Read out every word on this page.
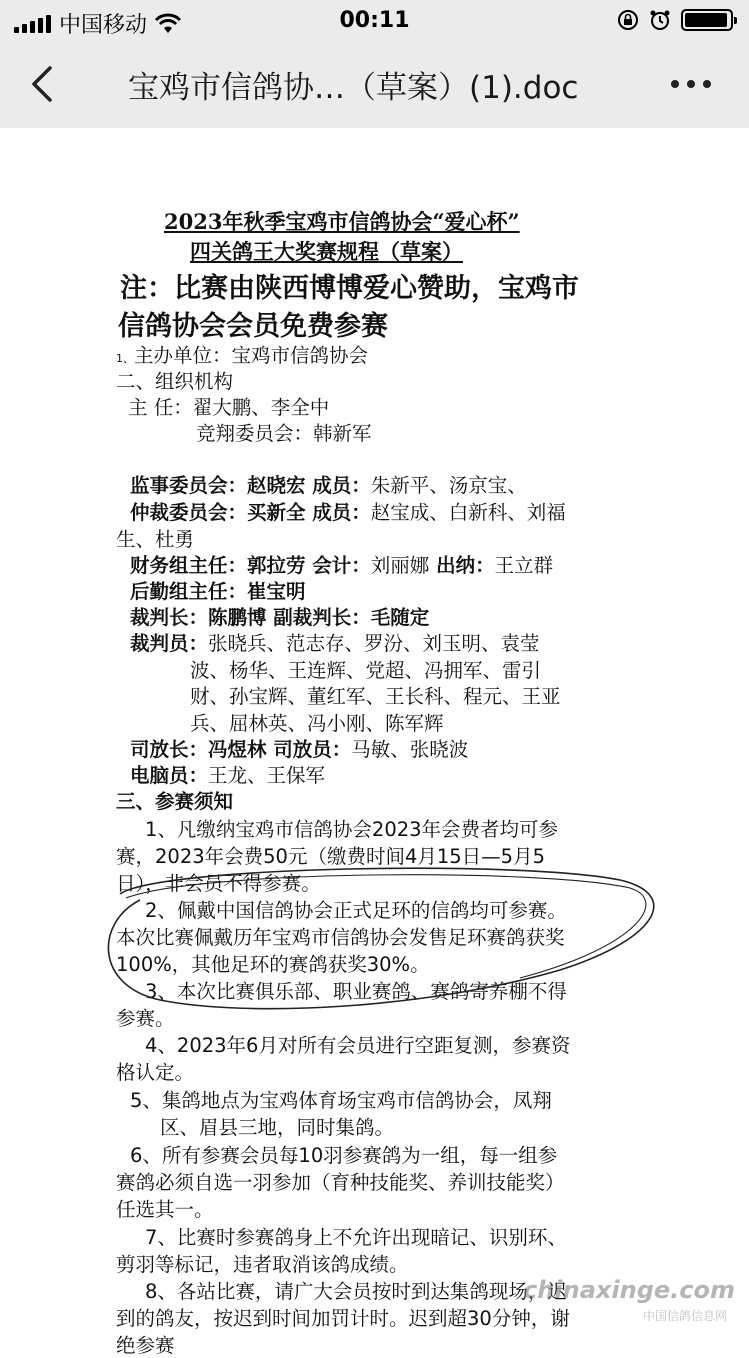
中国移动	00:11
宝鸡市信鸽协…（草案）(1).doc
2023年秋季宝鸡市信鸽协会“爱心杯”
四关鸽王大奖赛规程（草案）
注：比赛由陕西博博爱心赞助，宝鸡市
信鸽协会会员免费参赛
1、主办单位：宝鸡市信鸽协会
二、组织机构
主 任：翟大鹏、李全中
竞翔委员会：韩新军
监事委员会：赵晓宏 成员：朱新平、汤京宝、
仲裁委员会：买新全 成员：赵宝成、白新科、刘福
生、杜勇
财务组主任：郭拉劳 会计：刘丽娜 出纳：王立群
后勤组主任：崔宝明
裁判长：陈鹏博 副裁判长：毛随定
裁判员：张晓兵、范志存、罗汾、刘玉明、袁莹
波、杨华、王连辉、党超、冯拥军、雷引
财、孙宝辉、董红军、王长科、程元、王亚
兵、屈林英、冯小刚、陈军辉
司放长：冯煜林 司放员：马敏、张晓波
电脑员：王龙、王保军
三、参赛须知
1、凡缴纳宝鸡市信鸽协会2023年会费者均可参
赛，2023年会费50元（缴费时间4月15日—5月5
日），非会员不得参赛。
2、佩戴中国信鸽协会正式足环的信鸽均可参赛。
本次比赛佩戴历年宝鸡市信鸽协会发售足环赛鸽获奖
100%，其他足环的赛鸽获奖30%。
3、本次比赛俱乐部、职业赛鸽、赛鸽寄养棚不得
参赛。
4、2023年6月对所有会员进行空距复测，参赛资
格认定。
5、集鸽地点为宝鸡体育场宝鸡市信鸽协会，凤翔
区、眉县三地，同时集鸽。
6、所有参赛会员每10羽参赛鸽为一组，每一组参
赛鸽必须自选一羽参加（育种技能奖、养训技能奖）
任选其一。
7、比赛时参赛鸽身上不允许出现暗记、识别环、
剪羽等标记，违者取消该鸽成绩。
8、各站比赛，请广大会员按时到达集鸽现场，迟
到的鸽友，按迟到时间加罚计时。迟到超30分钟，谢
绝参赛
chinaxinge.com
中国信鸽信息网
